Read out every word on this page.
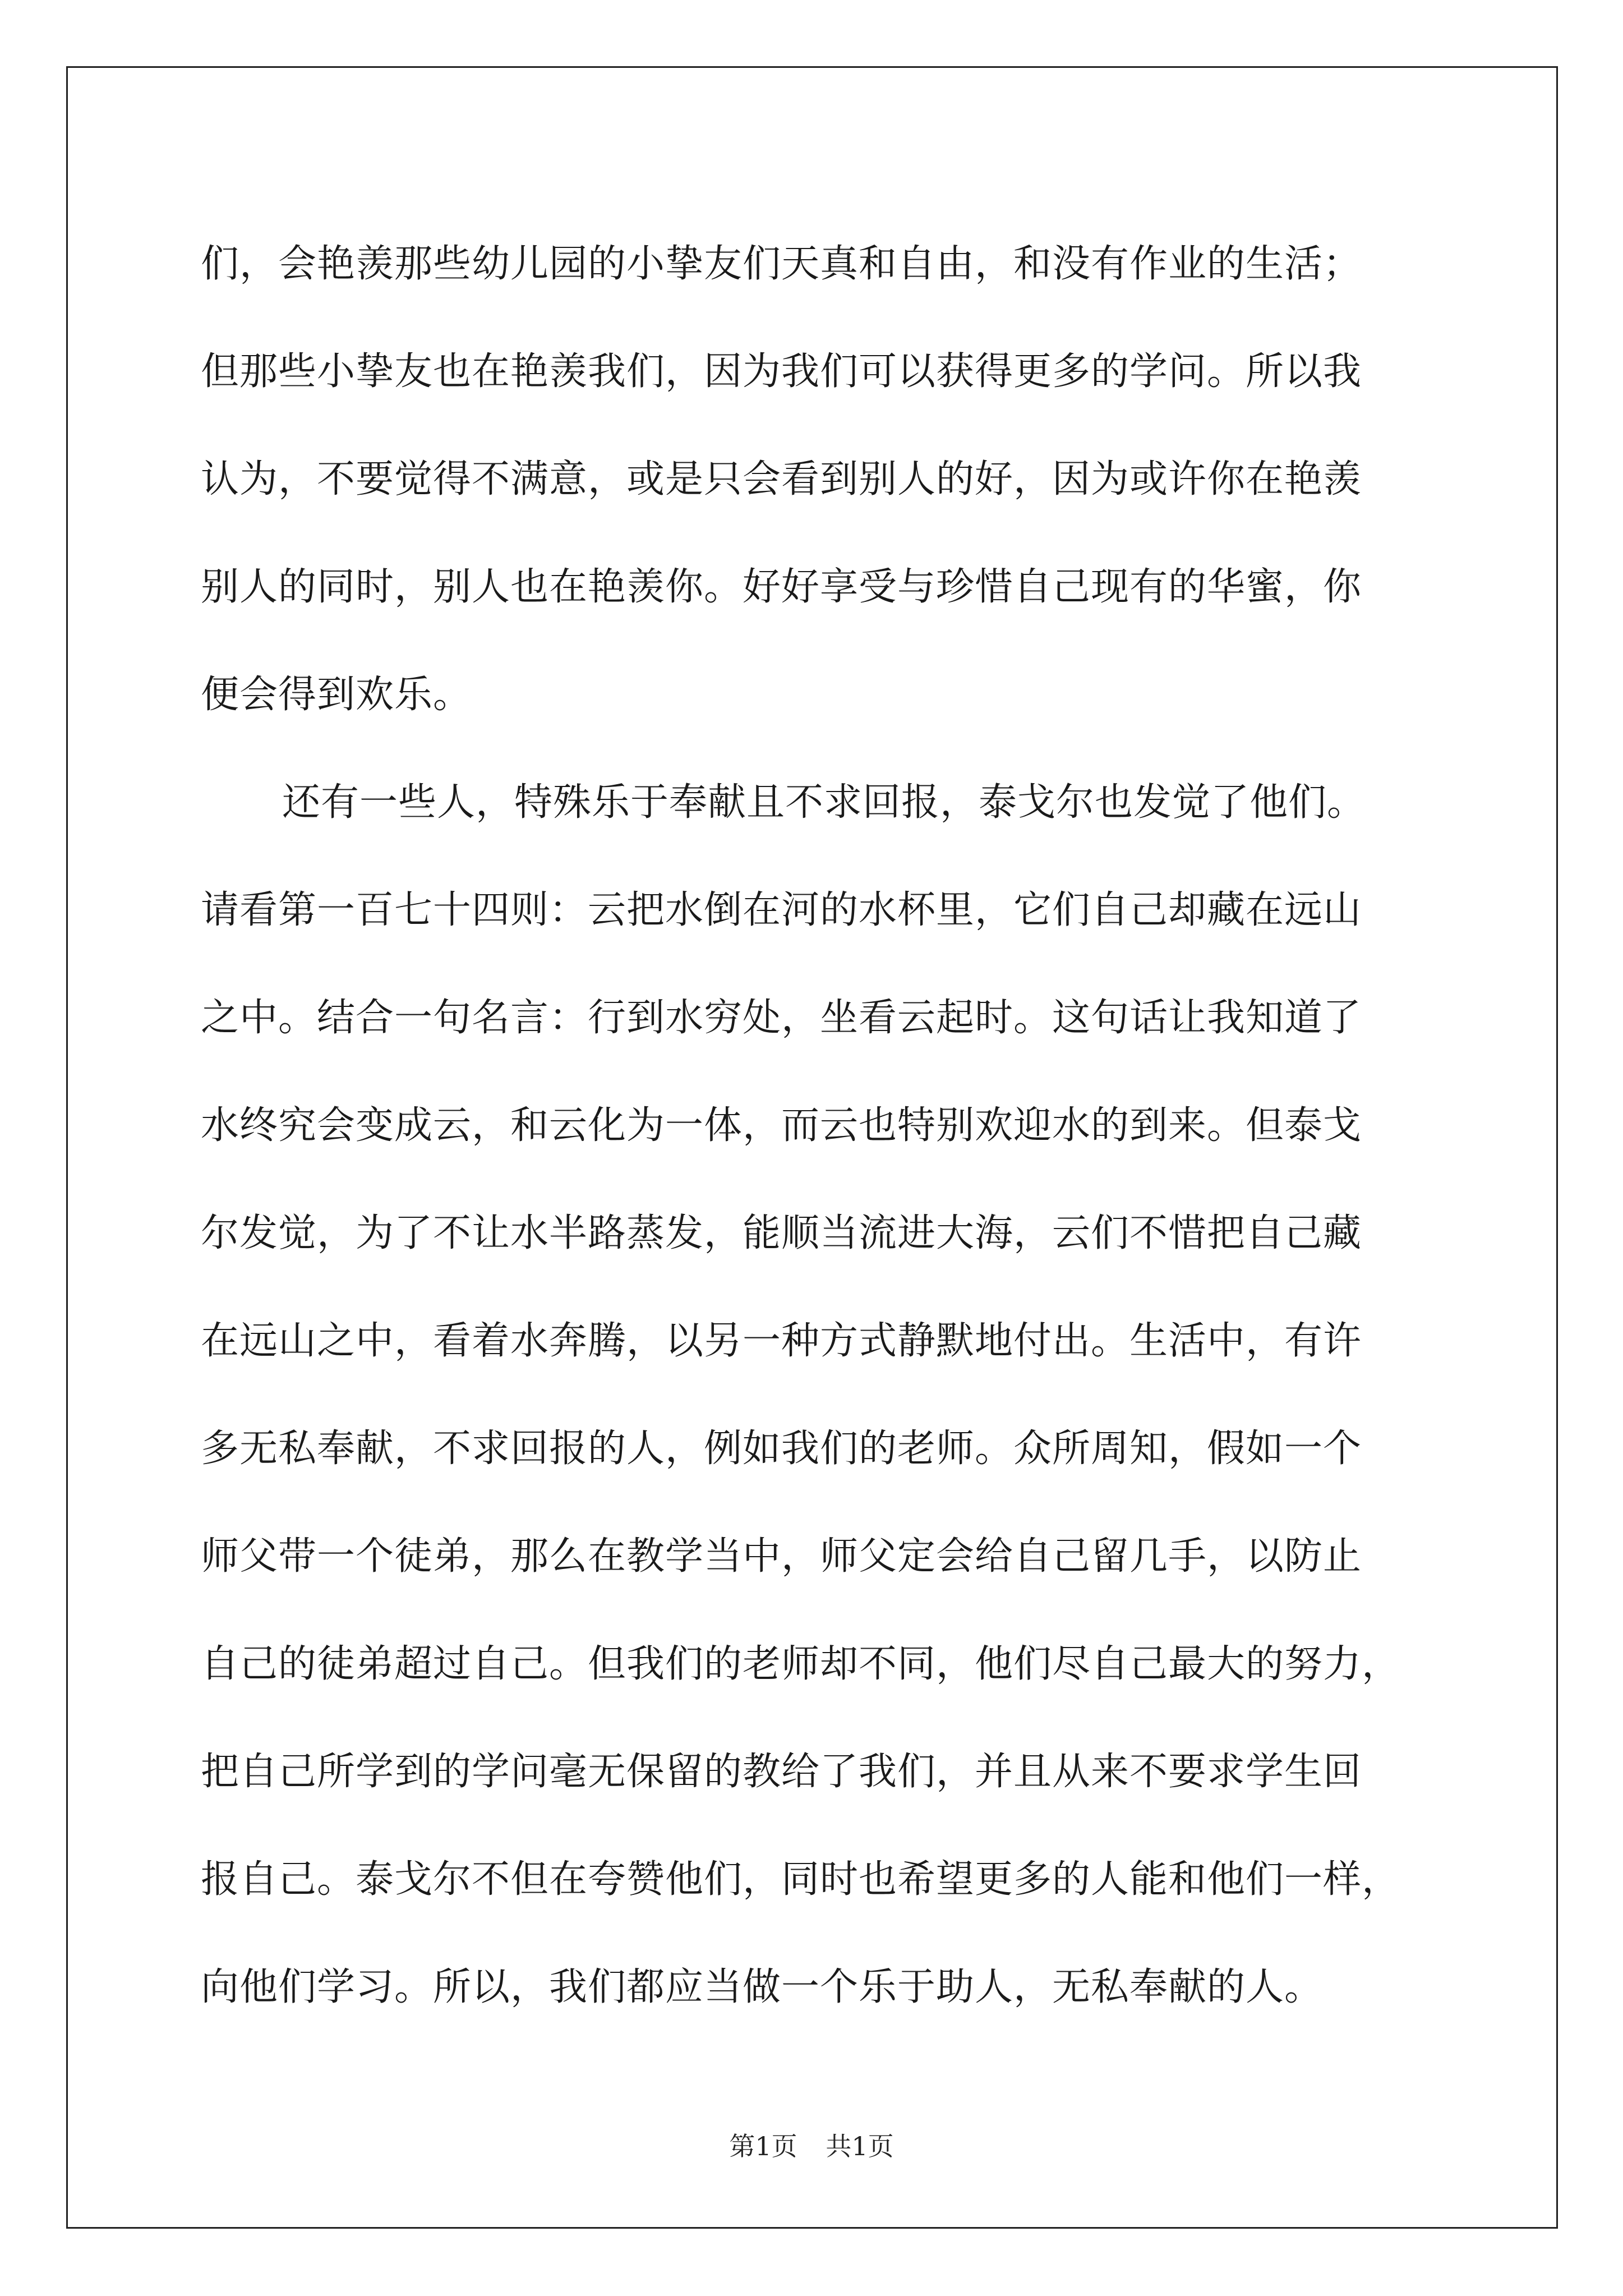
们，会艳羡那些幼儿园的小挚友们天真和自由，和没有作业的生活；
但那些小挚友也在艳羡我们，因为我们可以获得更多的学问。所以我
认为，不要觉得不满意，或是只会看到别人的好，因为或许你在艳羡
别人的同时，别人也在艳羡你。好好享受与珍惜自己现有的华蜜，你
便会得到欢乐。
还有一些人，特殊乐于奉献且不求回报，泰戈尔也发觉了他们。
请看第一百七十四则：云把水倒在河的水杯里，它们自己却藏在远山
之中。结合一句名言：行到水穷处，坐看云起时。这句话让我知道了
水终究会变成云，和云化为一体，而云也特别欢迎水的到来。但泰戈
尔发觉，为了不让水半路蒸发，能顺当流进大海，云们不惜把自己藏
在远山之中，看着水奔腾，以另一种方式静默地付出。生活中，有许
多无私奉献，不求回报的人，例如我们的老师。众所周知，假如一个
师父带一个徒弟，那么在教学当中，师父定会给自己留几手，以防止
自己的徒弟超过自己。但我们的老师却不同，他们尽自己最大的努力，
把自己所学到的学问毫无保留的教给了我们，并且从来不要求学生回
报自己。泰戈尔不但在夸赞他们，同时也希望更多的人能和他们一样，
向他们学习。所以，我们都应当做一个乐于助人，无私奉献的人。
第1页 共1页
